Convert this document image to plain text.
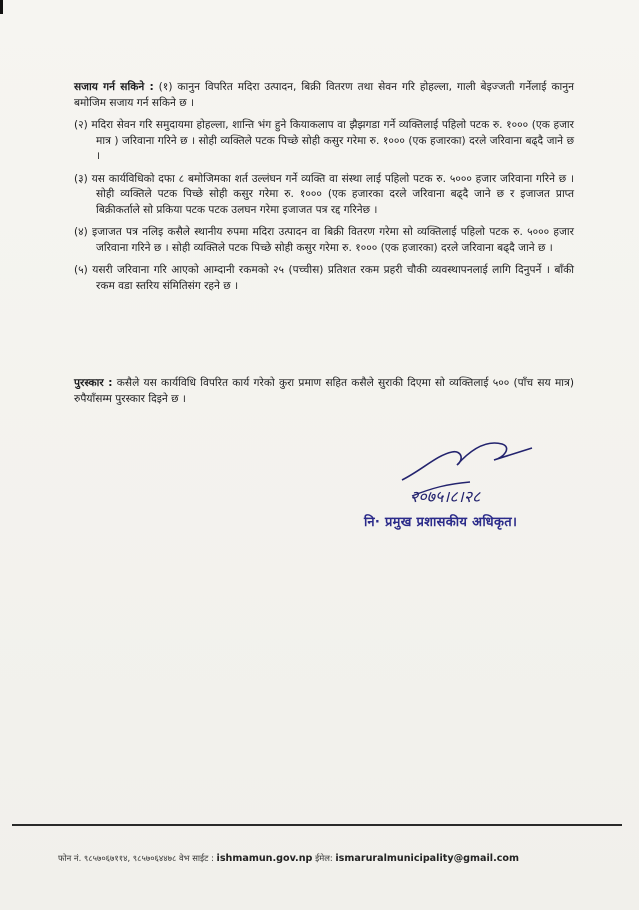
सजाय गर्न सकिने : (१) कानुन विपरित मदिरा उत्पादन, बिक्री वितरण तथा सेवन गरि होहल्ला, गाली बेइज्जती गर्नेलाई कानुन बमोजिम सजाय गर्न सकिने छ ।
(२) मदिरा सेवन गरि समुदायमा होहल्ला, शान्ति भंग हुने कियाकलाप वा झैझगडा गर्ने व्यक्तिलाई पहिलो पटक रु. १००० (एक हजार मात्र ) जरिवाना गरिने छ । सोही व्यक्तिले पटक पिच्छे सोही कसुर गरेमा रु. १००० (एक हजारका) दरले जरिवाना बढ्दै जाने छ ।
(३) यस कार्यविधिको दफा ८ बमोजिमका शर्त उल्लंघन गर्ने व्यक्ति वा संस्था लाई पहिलो पटक रु. ५००० हजार जरिवाना गरिने छ । सोही व्यक्तिले पटक पिच्छे सोही कसुर गरेमा रु. १००० (एक हजारका दरले जरिवाना बढ्दै जाने छ र इजाजत प्राप्त बिक्रीकर्ताले सो प्रकिया पटक पटक उलघन गरेमा इजाजत पत्र रद्द गरिनेछ ।
(४) इजाजत पत्र नलिइ कसैले स्थानीय रुपमा मदिरा उत्पादन वा बिक्री वितरण गरेमा सो व्यक्तिलाई पहिलो पटक रु. ५००० हजार जरिवाना गरिने छ । सोही व्यक्तिले पटक पिच्छे सोही कसुर गरेमा रु. १००० (एक हजारका) दरले जरिवाना बढ्दै जाने छ ।
(५) यसरी जरिवाना गरि आएको आम्दानी रकमको २५ (पच्चीस) प्रतिशत रकम प्रहरी चौकी व्यवस्थापनलाई लागि दिनुपर्ने । बाँकी रकम वडा स्तरिय संमितिसंग रहने छ ।
पुरस्कार : कसैले यस कार्यविधि विपरित कार्य गरेको कुरा प्रमाण सहित कसैले सुराकी दिएमा सो व्यक्तिलाई ५०० (पाँच सय मात्र) रुपैयाँसम्म पुरस्कार दिइने छ ।
२०७५।८।२८
नि· प्रमुख प्रशासकीय अधिकृत।
फोन नं. ९८५७०६७११४, ९८५७०६४४७८ वेभ साईट : ishmamun.gov.np ईमेल: ismaruralmunicipality@gmail.com
